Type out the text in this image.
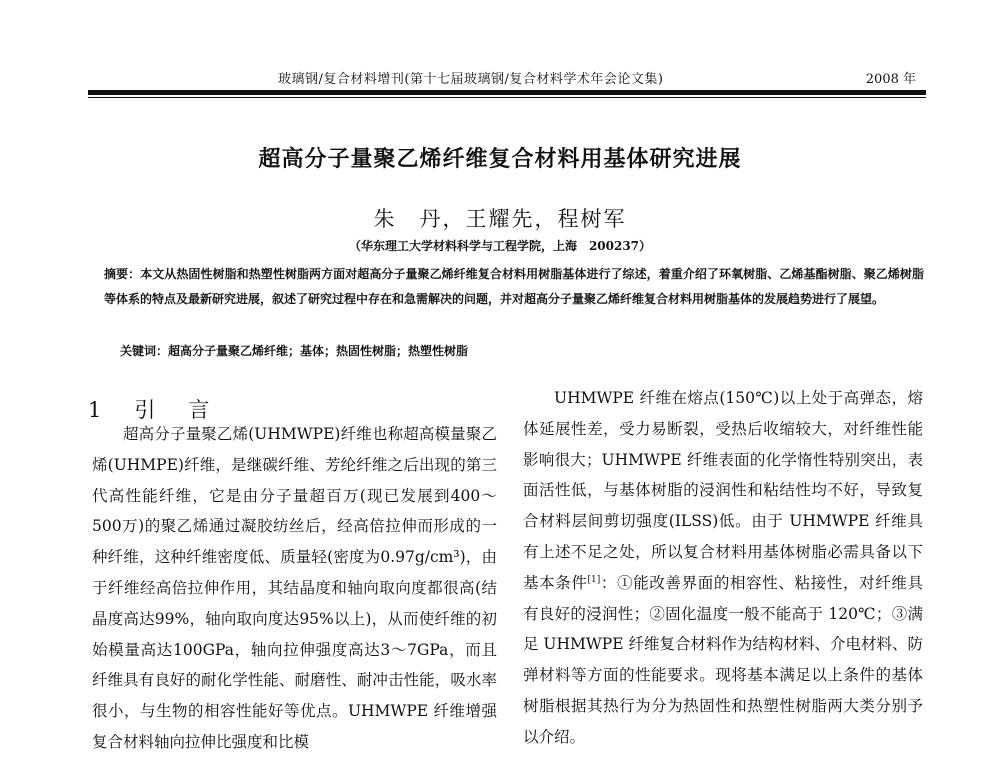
玻璃钢/复合材料增刊(第十七届玻璃钢/复合材料学术年会论文集)	2008 年
超高分子量聚乙烯纤维复合材料用基体研究进展
朱　丹，王耀先，程树军
（华东理工大学材料科学与工程学院，上海　200237）
摘要：本文从热固性树脂和热塑性树脂两方面对超高分子量聚乙烯纤维复合材料用树脂基体进行了综述，着重介绍了环氧树脂、乙烯基酯树脂、聚乙烯树脂等体系的特点及最新研究进展，叙述了研究过程中存在和急需解决的问题，并对超高分子量聚乙烯纤维复合材料用树脂基体的发展趋势进行了展望。
关键词：超高分子量聚乙烯纤维；基体；热固性树脂；热塑性树脂
1　引　言
超高分子量聚乙烯(UHMWPE)纤维也称超高模量聚乙烯(UHMPE)纤维，是继碳纤维、芳纶纤维之后出现的第三代高性能纤维，它是由分子量超百万(现已发展到400～500万)的聚乙烯通过凝胶纺丝后，经高倍拉伸而形成的一种纤维，这种纤维密度低、质量轻(密度为0.97g/cm³)，由于纤维经高倍拉伸作用，其结晶度和轴向取向度都很高(结晶度高达99%，轴向取向度达95%以上)，从而使纤维的初始模量高达100GPa，轴向拉伸强度高达3～7GPa，而且纤维具有良好的耐化学性能、耐磨性、耐冲击性能，吸水率很小，与生物的相容性能好等优点。UHMWPE 纤维增强复合材料轴向拉伸比强度和比模
UHMWPE 纤维在熔点(150℃)以上处于高弹态，熔体延展性差，受力易断裂，受热后收缩较大，对纤维性能影响很大；UHMWPE 纤维表面的化学惰性特别突出，表面活性低，与基体树脂的浸润性和粘结性均不好，导致复合材料层间剪切强度(ILSS)低。由于 UHMWPE 纤维具有上述不足之处，所以复合材料用基体树脂必需具备以下基本条件[1]：①能改善界面的相容性、粘接性，对纤维具有良好的浸润性；②固化温度一般不能高于 120℃；③满足 UHMWPE 纤维复合材料作为结构材料、介电材料、防弹材料等方面的性能要求。现将基本满足以上条件的基体树脂根据其热行为分为热固性和热塑性树脂两大类分别予以介绍。
